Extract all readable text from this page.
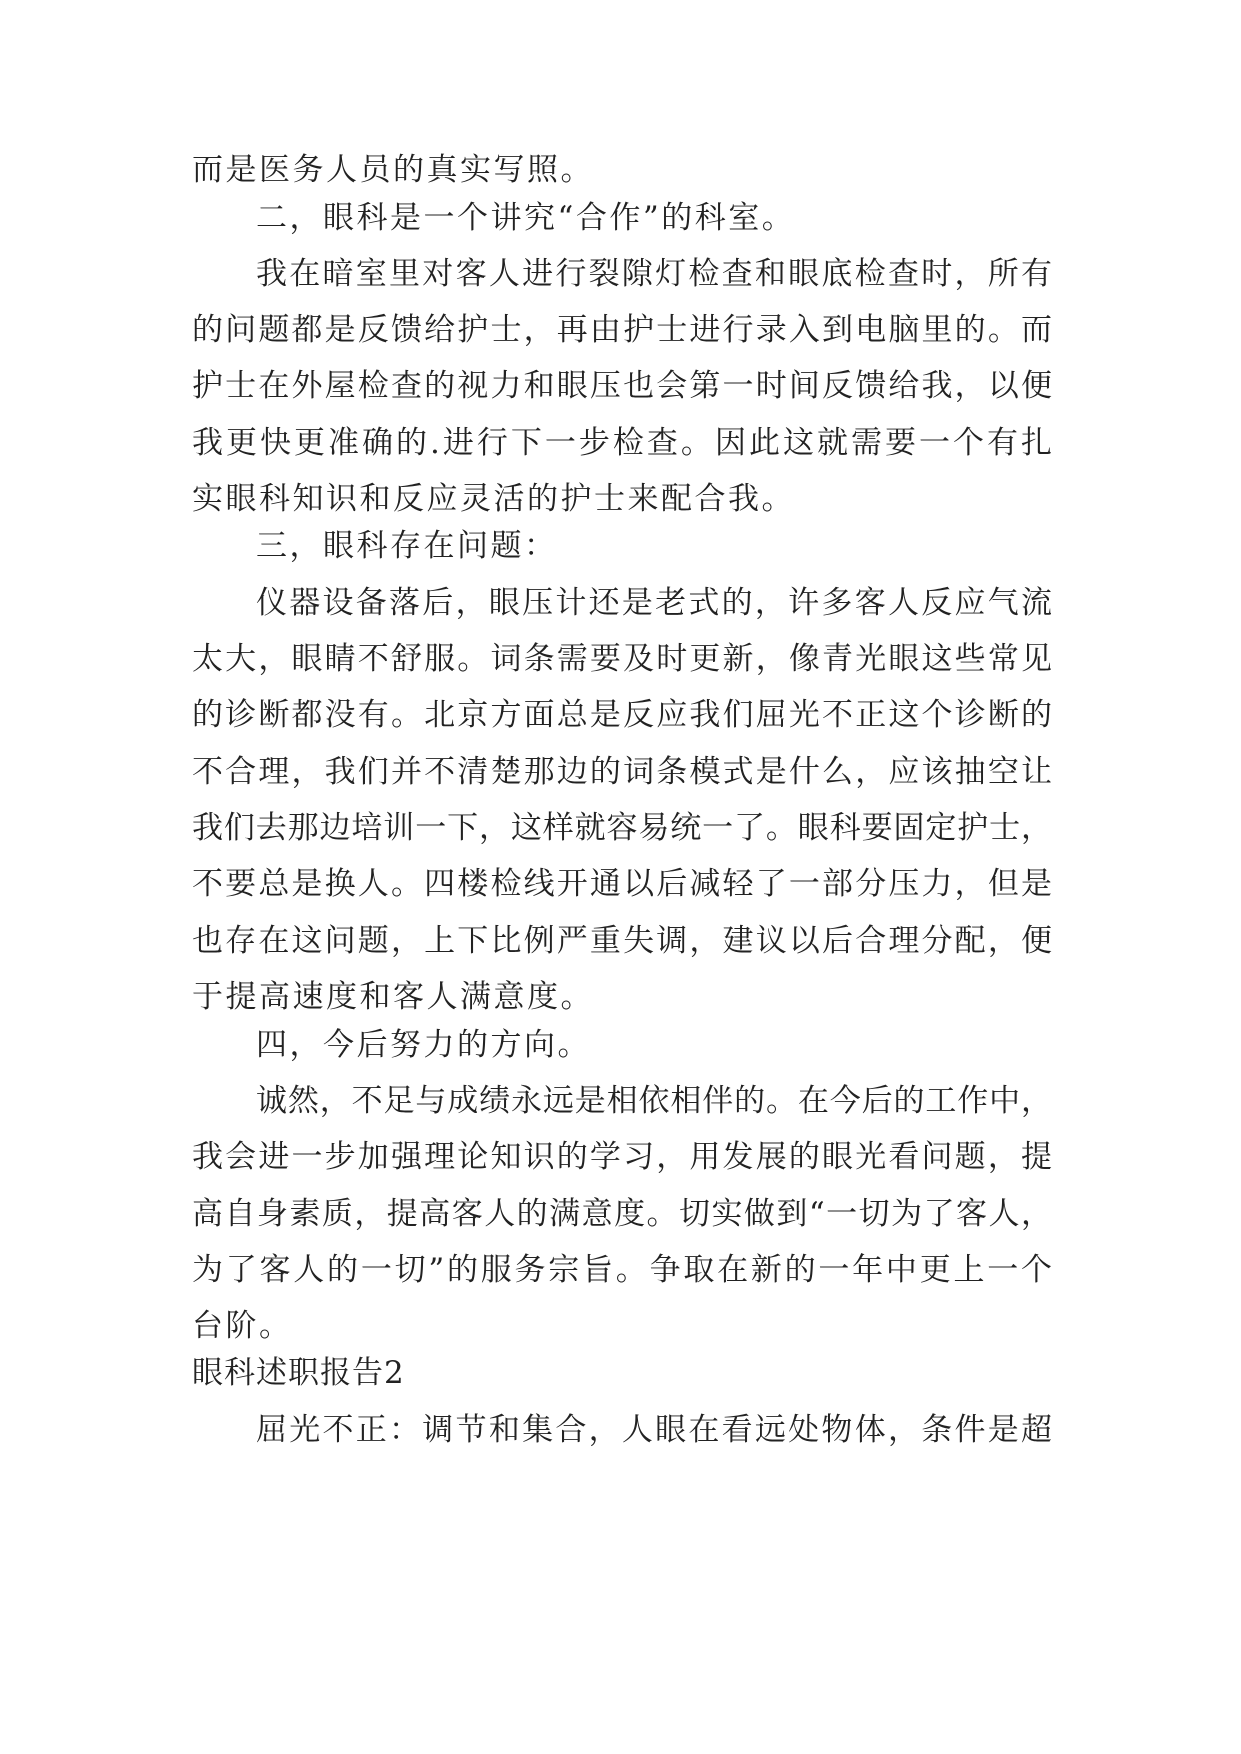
而是医务人员的真实写照。
二，眼科是一个讲究“合作”的科室。
我在暗室里对客人进行裂隙灯检查和眼底检查时，所有
的问题都是反馈给护士，再由护士进行录入到电脑里的。而
护士在外屋检查的视力和眼压也会第一时间反馈给我，以便
我更快更准确的.进行下一步检查。因此这就需要一个有扎
实眼科知识和反应灵活的护士来配合我。
三，眼科存在问题：
仪器设备落后，眼压计还是老式的，许多客人反应气流
太大，眼睛不舒服。词条需要及时更新，像青光眼这些常见
的诊断都没有。北京方面总是反应我们屈光不正这个诊断的
不合理，我们并不清楚那边的词条模式是什么，应该抽空让
我们去那边培训一下，这样就容易统一了。眼科要固定护士，
不要总是换人。四楼检线开通以后减轻了一部分压力，但是
也存在这问题，上下比例严重失调，建议以后合理分配，便
于提高速度和客人满意度。
四，今后努力的方向。
诚然，不足与成绩永远是相依相伴的。在今后的工作中，
我会进一步加强理论知识的学习，用发展的眼光看问题，提
高自身素质，提高客人的满意度。切实做到“一切为了客人，
为了客人的一切”的服务宗旨。争取在新的一年中更上一个
台阶。
眼科述职报告2
屈光不正：调节和集合，人眼在看远处物体，条件是超
